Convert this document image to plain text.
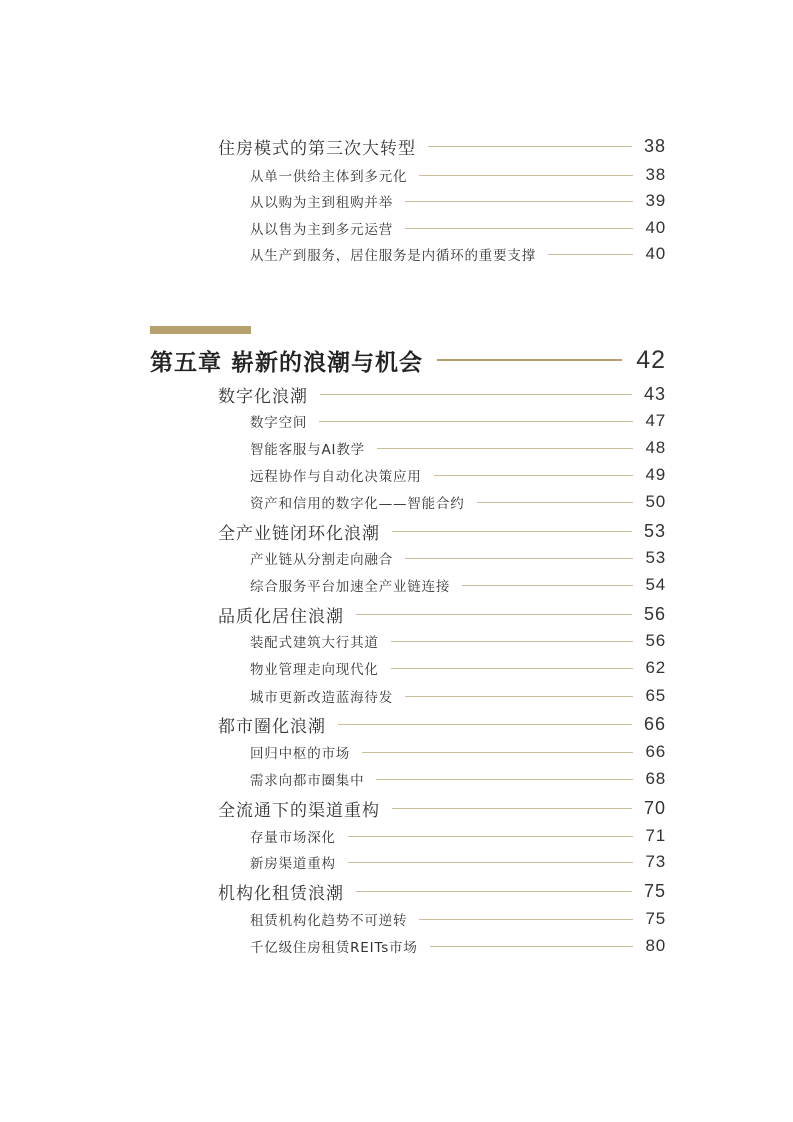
住房模式的第三次大转型	38
从单一供给主体到多元化	38
从以购为主到租购并举	39
从以售为主到多元运营	40
从生产到服务，居住服务是内循环的重要支撑	40
第五章 崭新的浪潮与机会	42
数字化浪潮	43
数字空间	47
智能客服与AI教学	48
远程协作与自动化决策应用	49
资产和信用的数字化——智能合约	50
全产业链闭环化浪潮	53
产业链从分割走向融合	53
综合服务平台加速全产业链连接	54
品质化居住浪潮	56
装配式建筑大行其道	56
物业管理走向现代化	62
城市更新改造蓝海待发	65
都市圈化浪潮	66
回归中枢的市场	66
需求向都市圈集中	68
全流通下的渠道重构	70
存量市场深化	71
新房渠道重构	73
机构化租赁浪潮	75
租赁机构化趋势不可逆转	75
千亿级住房租赁REITs市场	80
